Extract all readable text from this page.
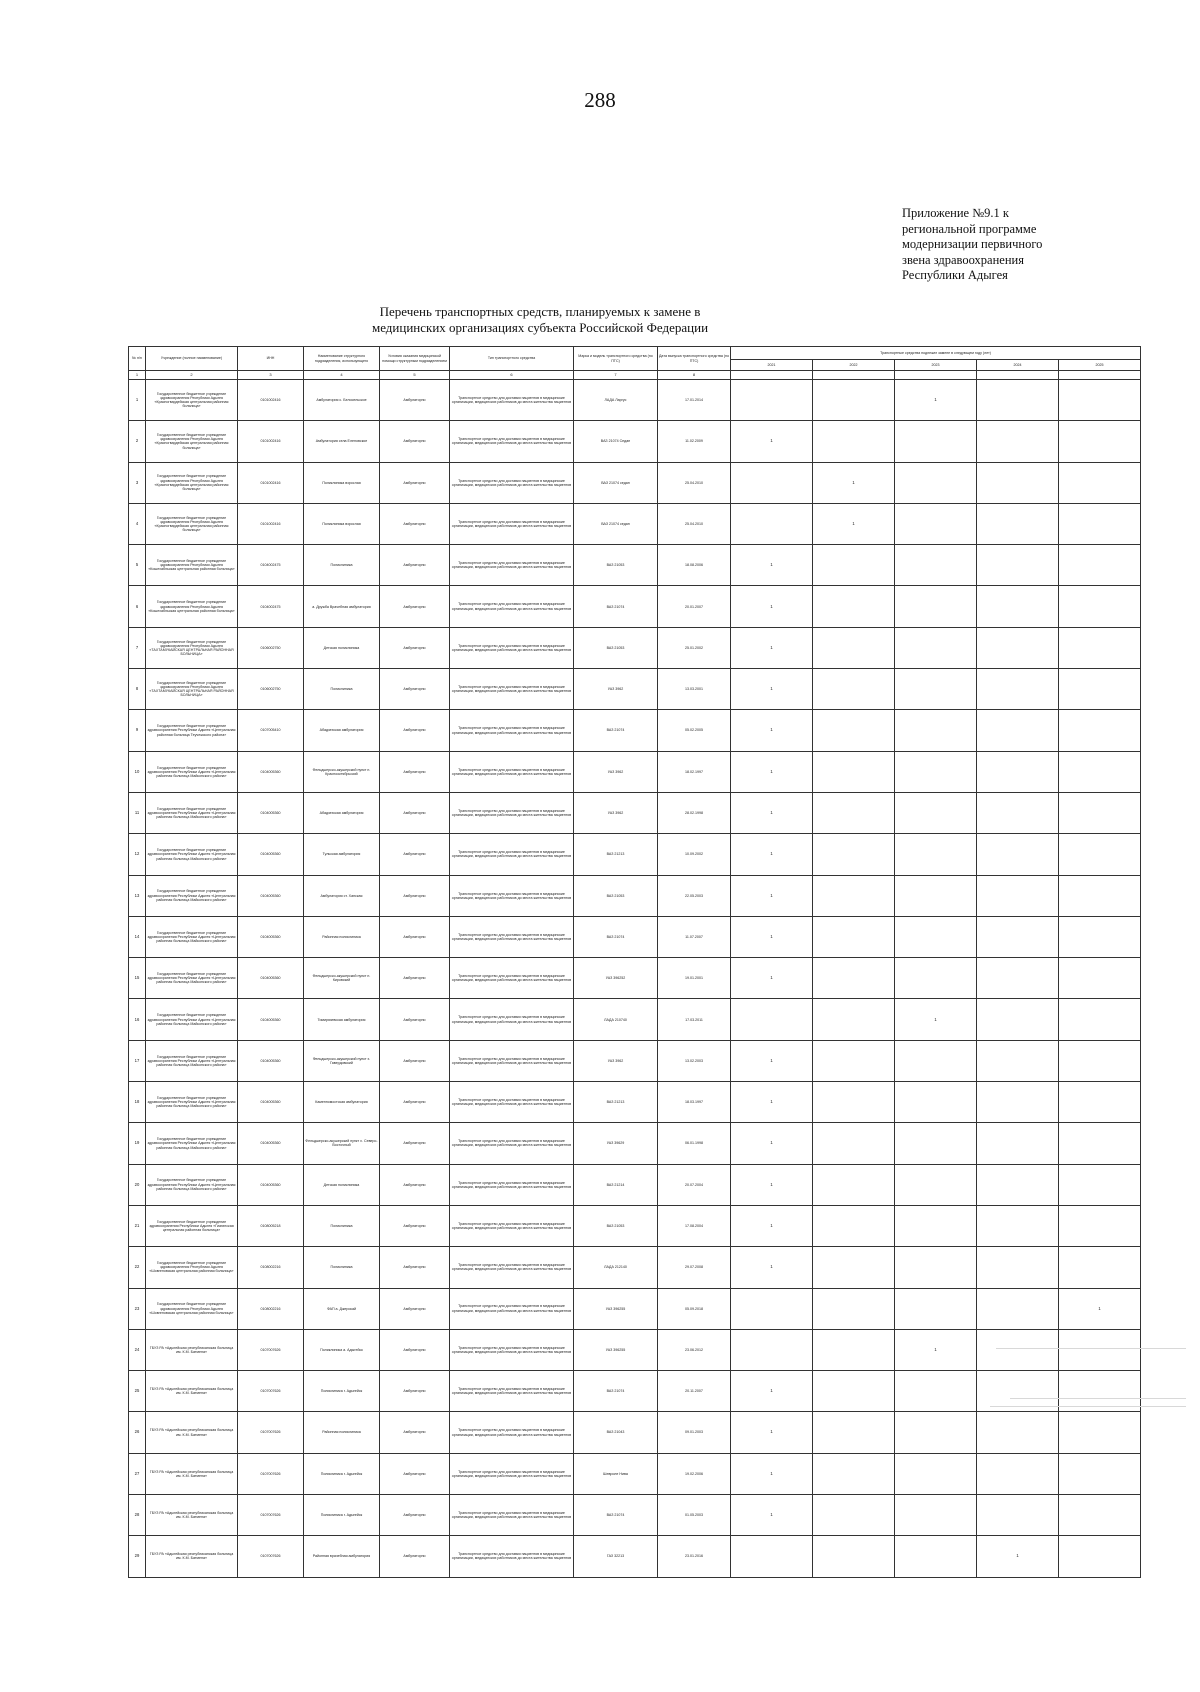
288
Приложение №9.1 к
региональной программе
модернизации первичного
звена здравоохранения
Республики Адыгея
Перечень транспортных средств, планируемых к замене в
медицинских организациях субъекта Российской Федерации
№ п/п	Учреждение (полное наименование)	ИНН	Наименование структурного подразделения, использующего	Условия оказания медицинской помощи структурным подразделением	Тип транспортного средства	Марка и модель транспортного средства (по ПТС)	Дата выпуска транспортного средства (по ПТС)	Транспортные средства подлежат замене в следующем году (лет)				
								2021	2022	2023	2024	2025
1	2	3	4	5	6	7	8					
1	Государственное бюджетное учреждение здравоохранения Республики Адыгея «Красногвардейская центральная районная больница»	0101002416	Амбулатория с. Белосельское	Амбулаторно	Транспортное средство для доставки пациентов в медицинские организации, медицинских работников до места жительства пациентов	ЛАДА Ларгус	17.01.2014			1		
2	Государственное бюджетное учреждение здравоохранения Республики Адыгея «Красногвардейская центральная районная больница»	0101002416	Амбулатория села Еленовское	Амбулаторно	Транспортное средство для доставки пациентов в медицинские организации, медицинских работников до места жительства пациентов	ВАЗ 21074 Седан	11.02.2009	1				
3	Государственное бюджетное учреждение здравоохранения Республики Адыгея «Красногвардейская центральная районная больница»	0101002416	Поликлиника взрослая	Амбулаторно	Транспортное средство для доставки пациентов в медицинские организации, медицинских работников до места жительства пациентов	ВАЗ 21074 седан	25.04.2010		1			
4	Государственное бюджетное учреждение здравоохранения Республики Адыгея «Красногвардейская центральная районная больница»	0101002416	Поликлиника взрослая	Амбулаторно	Транспортное средство для доставки пациентов в медицинские организации, медицинских работников до места жительства пациентов	ВАЗ 21074 седан	25.04.2010		1			
5	Государственное бюджетное учреждение здравоохранения Республики Адыгея «Кошехабльская центральная районная больница»	0104002475	Поликлиника	Амбулаторно	Транспортное средство для доставки пациентов в медицинские организации, медицинских работников до места жительства пациентов	ВАЗ 21053	18.08.2006	1				
6	Государственное бюджетное учреждение здравоохранения Республики Адыгея «Кошехабльская центральная районная больница»	0104002475	а. Дружба Врачебная амбулатория	Амбулаторно	Транспортное средство для доставки пациентов в медицинские организации, медицинских работников до места жительства пациентов	ВАЗ 21074	20.01.2007	1				
7	Государственное бюджетное учреждение здравоохранения Республики Адыгея «ТАХТАМУКАЙСКАЯ ЦЕНТРАЛЬНАЯ РАЙОННАЯ БОЛЬНИЦА»	0106002750	Детская поликлиника	Амбулаторно	Транспортное средство для доставки пациентов в медицинские организации, медицинских работников до места жительства пациентов	ВАЗ 21053	25.01.2002	1				
8	Государственное бюджетное учреждение здравоохранения Республики Адыгея «ТАХТАМУКАЙСКАЯ ЦЕНТРАЛЬНАЯ РАЙОННАЯ БОЛЬНИЦА»	0106002750	Поликлиника	Амбулаторно	Транспортное средство для доставки пациентов в медицинские организации, медицинских работников до места жительства пациентов	УАЗ 3962	13.03.2001	1				
9	Государственное бюджетное учреждение здравоохранения Республики Адыгея «Центральная районная больница Теучежского района»	0107005410	Абадзехская амбулатория	Амбулаторно	Транспортное средство для доставки пациентов в медицинские организации, медицинских работников до места жительства пациентов	ВАЗ 21074	05.02.2005	1				
10	Государственное бюджетное учреждение здравоохранения Республики Адыгея «Центральная районная больница Майкопского района»	0104005360	Фельдшерско-акушерский пункт п. Краснооктябрьский	Амбулаторно	Транспортное средство для доставки пациентов в медицинские организации, медицинских работников до места жительства пациентов	УАЗ 3962	18.02.1997	1				
11	Государственное бюджетное учреждение здравоохранения Республики Адыгея «Центральная районная больница Майкопского района»	0104005360	Абадзехская амбулатория	Амбулаторно	Транспортное средство для доставки пациентов в медицинские организации, медицинских работников до места жительства пациентов	УАЗ 3962	28.02.1998	1				
12	Государственное бюджетное учреждение здравоохранения Республики Адыгея «Центральная районная больница Майкопского района»	0104005360	Тульская амбулатория	Амбулаторно	Транспортное средство для доставки пациентов в медицинские организации, медицинских работников до места жительства пациентов	ВАЗ 21213	10.09.2002	1				
13	Государственное бюджетное учреждение здравоохранения Республики Адыгея «Центральная районная больница Майкопского района»	0104005360	Амбулатория ст. Ханская	Амбулаторно	Транспортное средство для доставки пациентов в медицинские организации, медицинских работников до места жительства пациентов	ВАЗ 21053	22.05.2003	1				
14	Государственное бюджетное учреждение здравоохранения Республики Адыгея «Центральная районная больница Майкопского района»	0104005360	Районная поликлиника	Амбулаторно	Транспортное средство для доставки пациентов в медицинские организации, медицинских работников до места жительства пациентов	ВАЗ 21074	11.07.2007	1				
15	Государственное бюджетное учреждение здравоохранения Республики Адыгея «Центральная районная больница Майкопского района»	0104005360	Фельдшерско-акушерский пункт п. Кировский	Амбулаторно	Транспортное средство для доставки пациентов в медицинские организации, медицинских работников до места жительства пациентов	УАЗ 396252	19.01.2001	1				
16	Государственное бюджетное учреждение здравоохранения Республики Адыгея «Центральная районная больница Майкопского района»	0104005360	Тимирязевская амбулатория	Амбулаторно	Транспортное средство для доставки пациентов в медицинские организации, медицинских работников до места жительства пациентов	ЛАДА 210740	17.03.2011			1		
17	Государственное бюджетное учреждение здравоохранения Республики Адыгея «Центральная районная больница Майкопского района»	0104005360	Фельдшерско-акушерский пункт х. Гавердовский	Амбулаторно	Транспортное средство для доставки пациентов в медицинские организации, медицинских работников до места жительства пациентов	УАЗ 3962	13.02.2003	1				
18	Государственное бюджетное учреждение здравоохранения Республики Адыгея «Центральная районная больница Майкопского района»	0104005360	Каменномостская амбулатория	Амбулаторно	Транспортное средство для доставки пациентов в медицинские организации, медицинских работников до места жительства пациентов	ВАЗ 21213	18.03.1997	1				
19	Государственное бюджетное учреждение здравоохранения Республики Адыгея «Центральная районная больница Майкопского района»	0104005360	Фельдшерско-акушерский пункт х. Северо-Восточный	Амбулаторно	Транспортное средство для доставки пациентов в медицинские организации, медицинских работников до места жительства пациентов	УАЗ 39629	06.01.1998	1				
20	Государственное бюджетное учреждение здравоохранения Республики Адыгея «Центральная районная больница Майкопского района»	0104005360	Детская поликлиника	Амбулаторно	Транспортное средство для доставки пациентов в медицинские организации, медицинских работников до места жительства пациентов	ВАЗ 21214	20.07.2004	1				
21	Государственное бюджетное учреждение здравоохранения Республики Адыгея «Гиагинская центральная районная больница»	0108005218	Поликлиника	Амбулаторно	Транспортное средство для доставки пациентов в медицинские организации, медицинских работников до места жительства пациентов	ВАЗ 21053	17.08.2004	1				
22	Государственное бюджетное учреждение здравоохранения Республики Адыгея «Шовгеновская центральная районная больница»	0108002216	Поликлиника	Амбулаторно	Транспортное средство для доставки пациентов в медицинские организации, медицинских работников до места жительства пациентов	ЛАДА 212140	29.07.2008	1				
23	Государственное бюджетное учреждение здравоохранения Республики Адыгея «Шовгеновская центральная районная больница»	0108002216	ФАП а. Джерокай	Амбулаторно	Транспортное средство для доставки пациентов в медицинские организации, медицинских работников до места жительства пациентов	УАЗ 396255	05.09.2018					1
24	ГБУЗ РА «Адыгейская республиканская больница им. К.М. Батмена»	0107007626	Поликлиника а. Адыгейск	Амбулаторно	Транспортное средство для доставки пациентов в медицинские организации, медицинских работников до места жительства пациентов	УАЗ 396255	23.06.2012			1		
25	ГБУЗ РА «Адыгейская республиканская больница им. К.М. Батмена»	0107007626	Поликлиника г. Адыгейск	Амбулаторно	Транспортное средство для доставки пациентов в медицинские организации, медицинских работников до места жительства пациентов	ВАЗ 21074	20.11.2007	1				
26	ГБУЗ РА «Адыгейская республиканская больница им. К.М. Батмена»	0107007626	Районная поликлиника	Амбулаторно	Транспортное средство для доставки пациентов в медицинские организации, медицинских работников до места жительства пациентов	ВАЗ 21043	09.01.2003	1				
27	ГБУЗ РА «Адыгейская республиканская больница им. К.М. Батмена»	0107007626	Поликлиника г. Адыгейск	Амбулаторно	Транспортное средство для доставки пациентов в медицинские организации, медицинских работников до места жительства пациентов	Шевроле Нива	19.02.2006	1				
28	ГБУЗ РА «Адыгейская республиканская больница им. К.М. Батмена»	0107007626	Поликлиника г. Адыгейск	Амбулаторно	Транспортное средство для доставки пациентов в медицинские организации, медицинских работников до места жительства пациентов	ВАЗ 21074	01.05.2003	1				
29	ГБУЗ РА «Адыгейская республиканская больница им. К.М. Батмена»	0107007626	Районная врачебная амбулатория	Амбулаторно	Транспортное средство для доставки пациентов в медицинские организации, медицинских работников до места жительства пациентов	ГАЗ 32213	23.01.2016				1	
